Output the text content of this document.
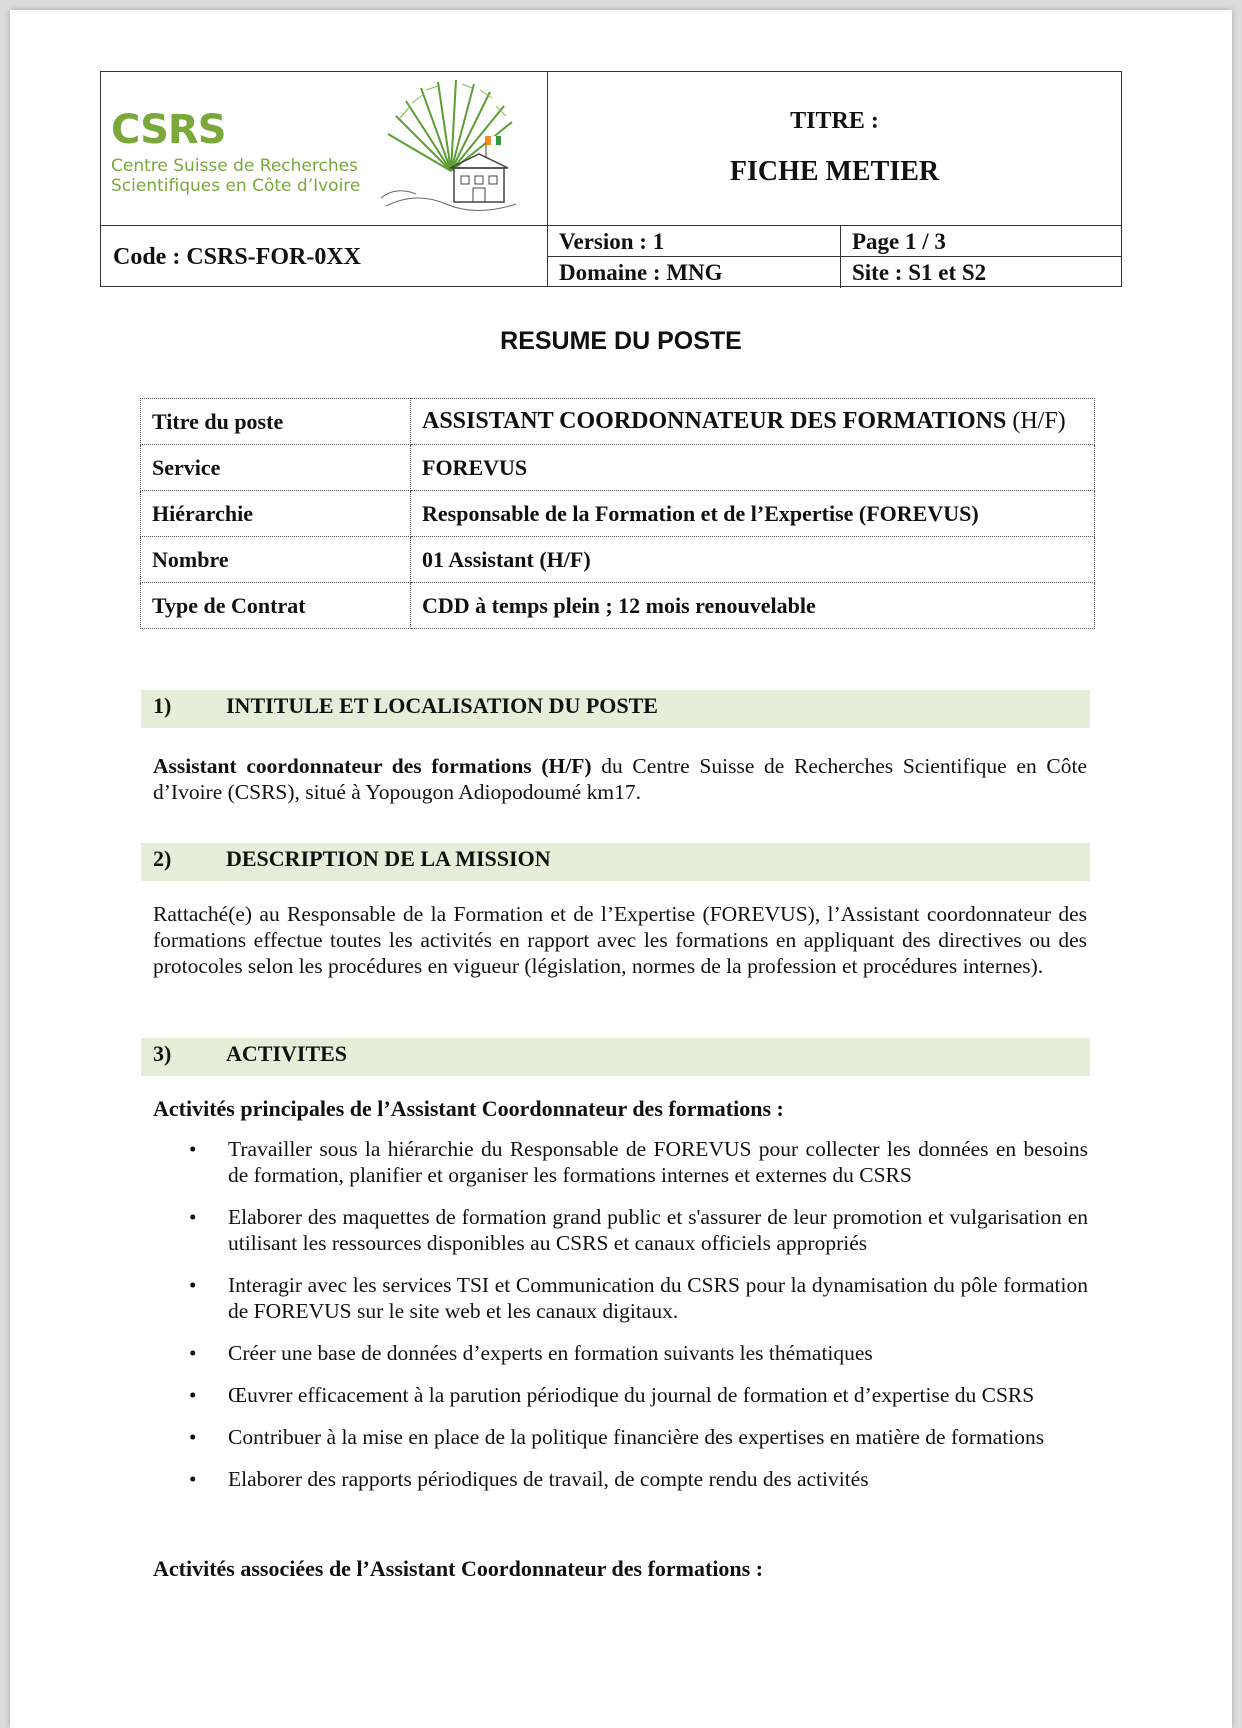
CSRS
Centre Suisse de Recherches
Scientifiques en Côte d’Ivoire
TITRE :
FICHE METIER
Code : CSRS-FOR-0XX
Version : 1	Page 1 / 3
Domaine : MNG	Site : S1 et S2
RESUME DU POSTE
Titre du poste	ASSISTANT COORDONNATEUR DES FORMATIONS (H/F)
Service	FOREVUS
Hiérarchie	Responsable de la Formation et de l’Expertise (FOREVUS)
Nombre	01 Assistant (H/F)
Type de Contrat	CDD à temps plein ; 12 mois renouvelable
1) INTITULE ET LOCALISATION DU POSTE
Assistant coordonnateur des formations (H/F) du Centre Suisse de Recherches Scientifique en Côte d’Ivoire (CSRS), situé à Yopougon Adiopodoumé km17.
2) DESCRIPTION DE LA MISSION
Rattaché(e) au Responsable de la Formation et de l’Expertise (FOREVUS), l’Assistant coordonnateur des formations effectue toutes les activités en rapport avec les formations en appliquant des directives ou des protocoles selon les procédures en vigueur (législation, normes de la profession et procédures internes).
3) ACTIVITES
Activités principales de l’Assistant Coordonnateur des formations :
• Travailler sous la hiérarchie du Responsable de FOREVUS pour collecter les données en besoins de formation, planifier et organiser les formations internes et externes du CSRS
• Elaborer des maquettes de formation grand public et s'assurer de leur promotion et vulgarisation en utilisant les ressources disponibles au CSRS et canaux officiels appropriés
• Interagir avec les services TSI et Communication du CSRS pour la dynamisation du pôle formation de FOREVUS sur le site web et les canaux digitaux.
• Créer une base de données d’experts en formation suivants les thématiques
• Œuvrer efficacement à la parution périodique du journal de formation et d’expertise du CSRS
• Contribuer à la mise en place de la politique financière des expertises en matière de formations
• Elaborer des rapports périodiques de travail, de compte rendu des activités
Activités associées de l’Assistant Coordonnateur des formations :
